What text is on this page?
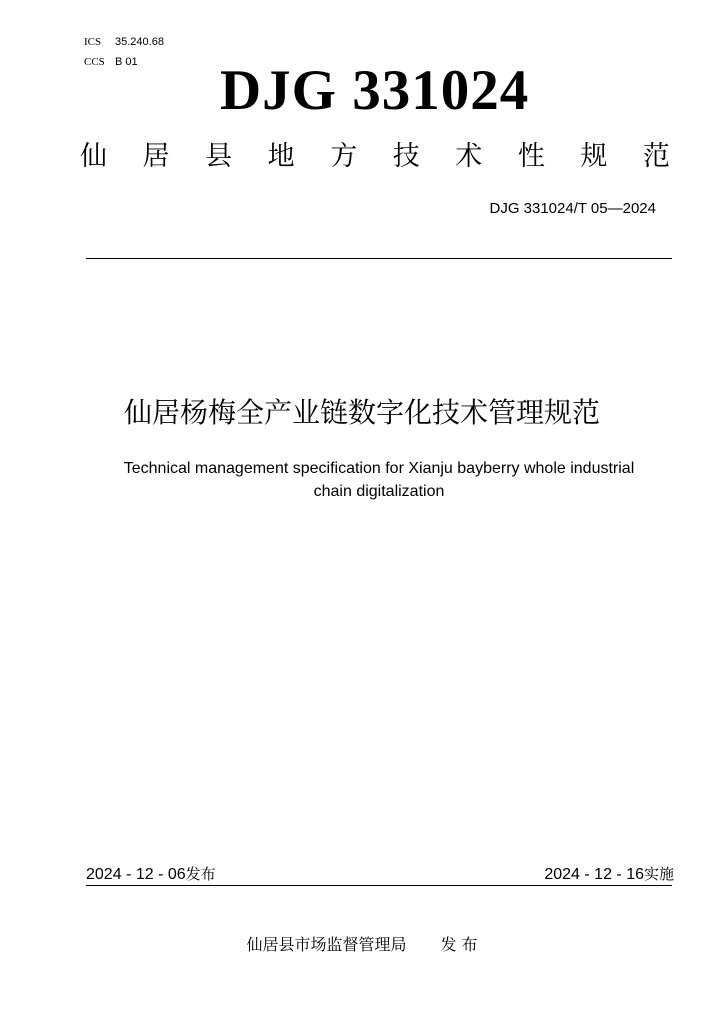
ICS 35.240.68
CCS B 01 DJG 331024
仙 居 县 地 方 技 术 性 规 范
DJG 331024/T 05—2024
仙居杨梅全产业链数字化技术管理规范
Technical management specification for Xianju bayberry whole industrial
chain digitalization
2024 - 12 - 06发布	2024 - 12 - 16实施
仙居县市场监督管理局 发 布
